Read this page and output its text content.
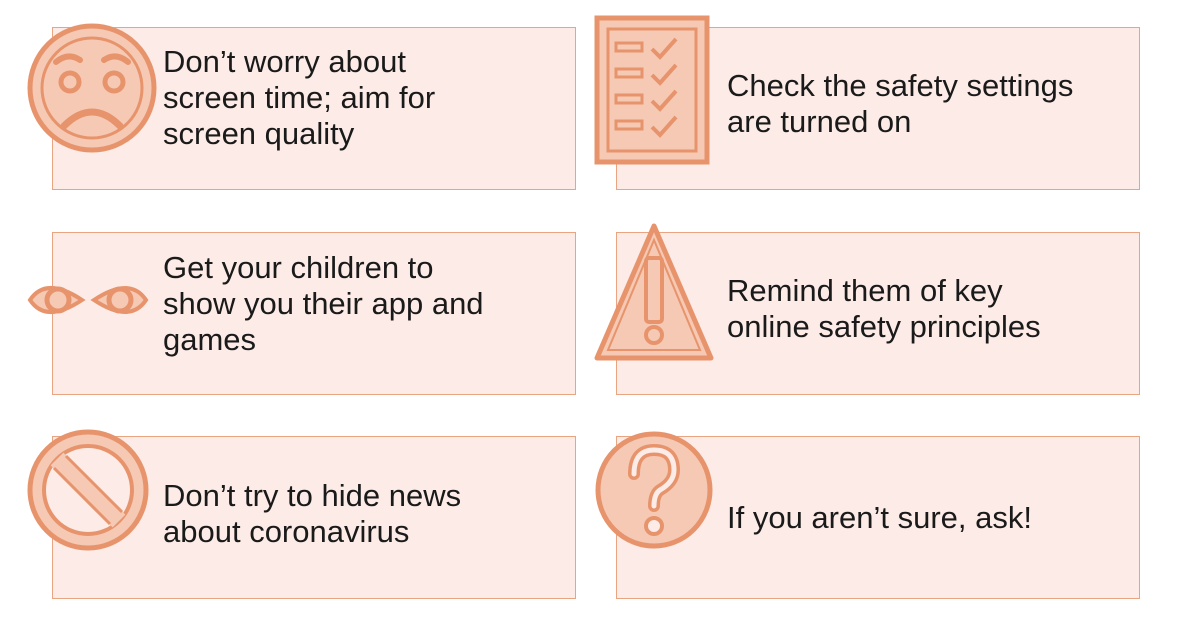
Don’t worry about
screen time; aim for
screen quality
Check the safety settings
are turned on
Get your children to
show you their app and
games
Remind them of key
online safety principles
Don’t try to hide news
about coronavirus	If you aren’t sure, ask!
